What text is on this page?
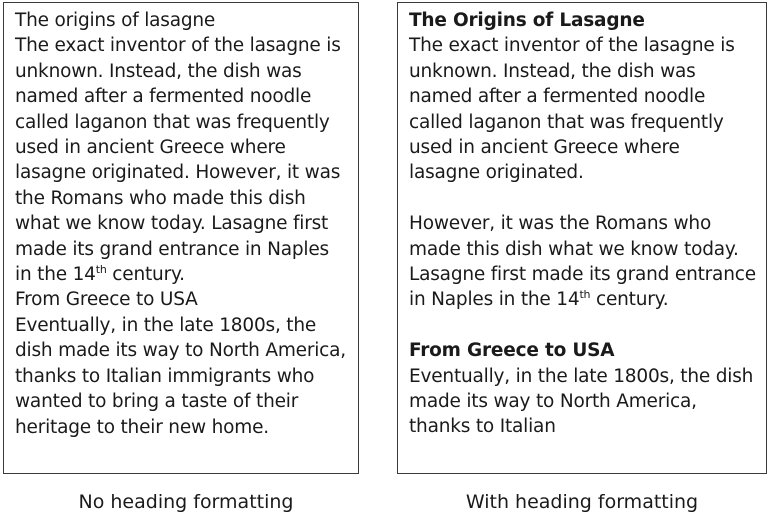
The origins of lasagne

The exact inventor of the lasagne is unknown. Instead, the dish was named after a fermented noodle called laganon that was frequently used in ancient Greece where lasagne originated. However, it was the Romans who made this dish what we know today. Lasagne first made its grand entrance in Naples in the 14th century.

From Greece to USA

Eventually, in the late 1800s, the dish made its way to North America, thanks to Italian immigrants who wanted to bring a taste of their heritage to their new home.

The Origins of Lasagne

The exact inventor of the lasagne is unknown. Instead, the dish was named after a fermented noodle called laganon that was frequently used in ancient Greece where lasagne originated.

However, it was the Romans who made this dish what we know today. Lasagne first made its grand entrance in Naples in the 14th century.

From Greece to USA

Eventually, in the late 1800s, the dish made its way to North America, thanks to Italian

No heading formatting	With heading formatting
